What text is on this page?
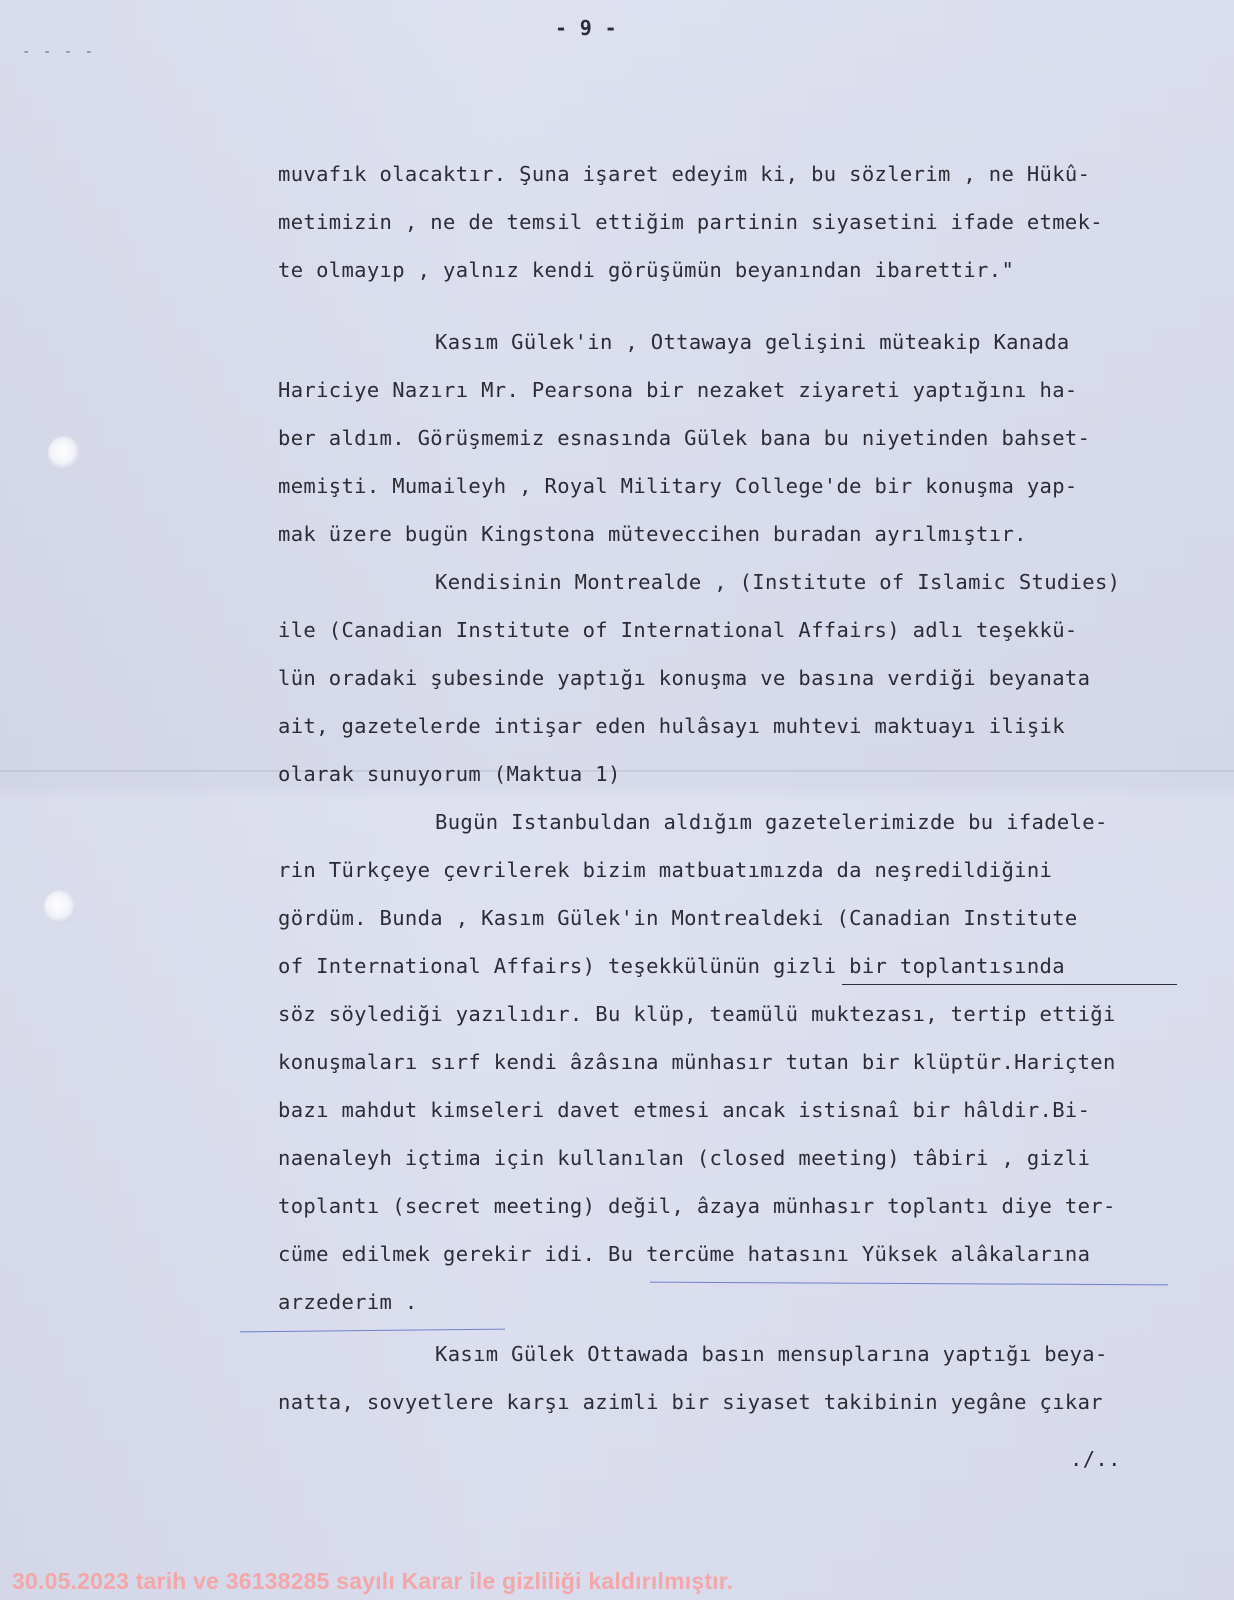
- - - -
- 9 -
muvafık olacaktır. Şuna işaret edeyim ki, bu sözlerim , ne Hükû-
metimizin , ne de temsil ettiğim partinin siyasetini ifade etmek-
te olmayıp , yalnız kendi görüşümün beyanından ibarettir."
Kasım Gülek'in , Ottawaya gelişini müteakip Kanada
Hariciye Nazırı Mr. Pearsona bir nezaket ziyareti yaptığını ha-
ber aldım. Görüşmemiz esnasında Gülek bana bu niyetinden bahset-
memişti. Mumaileyh , Royal Military College'de bir konuşma yap-
mak üzere bugün Kingstona müteveccihen buradan ayrılmıştır.
Kendisinin Montrealde , (Institute of Islamic Studies)
ile (Canadian Institute of International Affairs) adlı teşekkü-
lün oradaki şubesinde yaptığı konuşma ve basına verdiği beyanata
ait, gazetelerde intişar eden hulâsayı muhtevi maktuayı ilişik
olarak sunuyorum (Maktua 1)
Bugün Istanbuldan aldığım gazetelerimizde bu ifadele-
rin Türkçeye çevrilerek bizim matbuatımızda da neşredildiğini
gördüm. Bunda , Kasım Gülek'in Montrealdeki (Canadian Institute
of International Affairs) teşekkülünün gizli bir toplantısında
söz söylediği yazılıdır. Bu klüp, teamülü muktezası, tertip ettiği
konuşmaları sırf kendi âzâsına münhasır tutan bir klüptür.Hariçten
bazı mahdut kimseleri davet etmesi ancak istisnaî bir hâldir.Bi-
naenaleyh içtima için kullanılan (closed meeting) tâbiri , gizli
toplantı (secret meeting) değil, âzaya münhasır toplantı diye ter-
cüme edilmek gerekir idi. Bu tercüme hatasını Yüksek alâkalarına
arzederim .
Kasım Gülek Ottawada basın mensuplarına yaptığı beya-
natta, sovyetlere karşı azimli bir siyaset takibinin yegâne çıkar
./..
30.05.2023 tarih ve 36138285 sayılı Karar ile gizliliği kaldırılmıştır.
